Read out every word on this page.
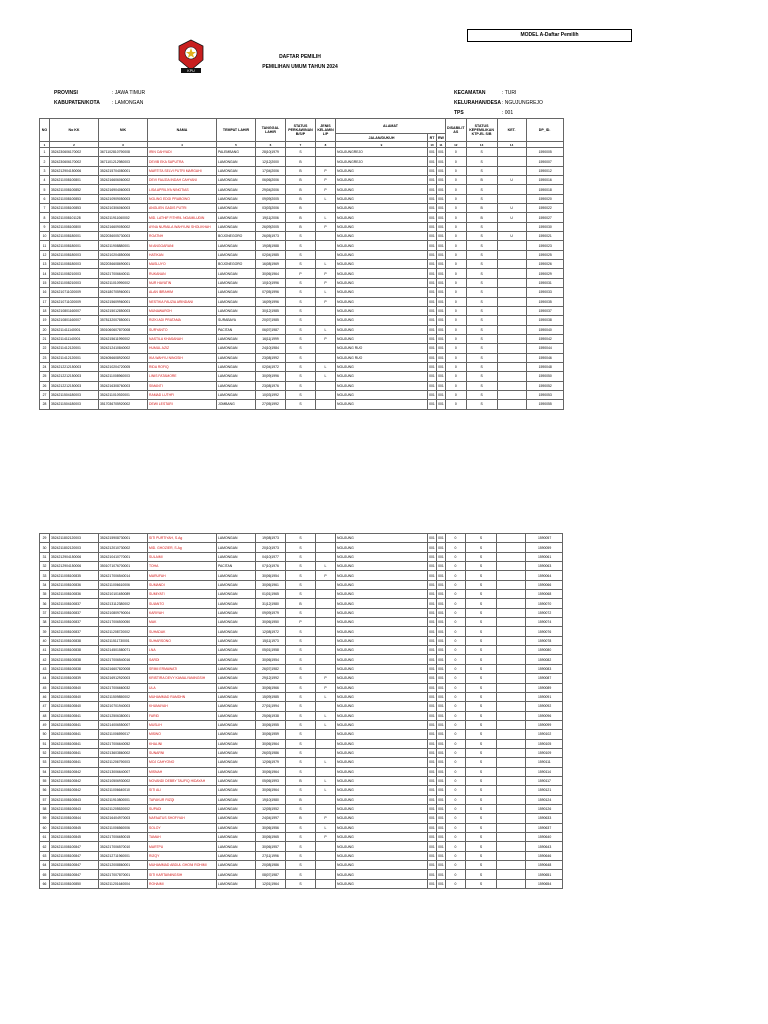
MODEL A-Daftar Pemilih
KPU
DAFTAR PEMILIH
PEMILIHAN UMUM TAHUN 2024
PROVINSI	: JAWA TIMUR
KABUPATEN/KOTA : LAMONGAN
KECAMATAN	: TURI
KELURAHAN/DESA: NGUJUNGREJO
TPS	: 001
NO	No KK	NIK	NAMA	TEMPAT LAHIR	TANGGAL LAHIR	STATUS PERKAWINAN B/S/P	JENIS KELAMIN L/P	ALAMAT			DISABILIT AS	STATUS KEPEMILIKAN KTP-EL S/B	KET.	DP_ID.
								JALAN/DUKUH	RT	RW				
1	2	3	4	5	6	7	8	9	10	11	12	13	14	
1	3524230606170002	3671102810790008	IRIN CAHYADI	PALEMBANG	28|10|1979	S		NGUJUNGREJO	001	001	0	S		1590005
2	3524230606170002	3671101212980003	DEVIB EKA SAPUTRA	LAMONGAN	12|12|2000	B		NGUJUNGREJO	001	001	0	S		1590007
3	3524212904150006	3524215704080001	MARTITA SELVI PUTRI MARGAHI	LAMONGAN	17|04|2006	B	P	NGUJUNG	001	001	0	S		1590012
4	3524211008100801	3524216606060002	DEVI FAUZIA INDAH CAHYANI	LAMONGAN	06|06|2006	B	P	NGUJUNG	001	001	0	B	U	1590016
5	3524211008100852	3524216904060003	LISA APRILIYA NINGTIAS	LAMONGAN	29|04|2006	B	P	NGUJUNG	001	001	0	S		1590018
6	3524211008100853	3524210909050003	NGLING EDGI PRABOWO	LAMONGAN	09|09|2005	B	L	NGUJUNG	001	001	0	S		1590020
7	3524211008100853	3524210306060003	ANGLIEN GADIS PUTRI	LAMONGAN	03|03|2006	B		NGUJUNG	001	001	0	B	U	1590022
8	3524211008101128	3524211911060002	MID. LATHIF FITHRIL NGAMILUDIN	LAMONGAN	19|11|2006	B	L	NGUJUNG	001	001	0	B	U	1590027
9	3524211008100800	3524216609050002	AYNA NURAILA WAHYUNI SHOLIKHAH	LAMONGAN	26|09|2005	B	P	NGUJUNG	001	001	0	S		1590030
10	3524211008180001	3522036005730003	ROATNH	BOJONEGORO	26|05|1973	S		NGUJUNG	001	001	0	S	U	1590021
11	3524211008180001	3524211908880001	NI ANGGARANI	LAMONGAN	19|08|1988	S		NGUJUNG	001	001	0	S		1590023
12	3524211008180003	3524210204850006	HATIKAN	LAMONGAN	02|04|1985	S		NGUJUNG	001	001	0	S		1590025
13	3524211008180003	3522036608690001	MASLUYO	BOJONEGORO	16|08|1969	S	L	NGUJUNG	001	001	0	S		1590026
14	3524211008210003	3524217006640011	RUKANAN	LAMONGAN	30|06|1964	P	P	NGUJUNG	001	001	0	S		1590029
15	3524211008210003	3524211010990002	NUR HAYATIN	LAMONGAN	10|10|1996	S	P	NGUJUNG	001	001	0	S		1590031
16	3524210711020009	3524180705960001	ALAN IBRAHIM	LAMONGAN	07|05|1996	S	L	NGUJUNG	001	001	0	S		1590033
17	3524210711020009	3524215609960001	NESTIKA FAUZIA ARINDANI	LAMONGAN	16|09|1996	S	P	NGUJUNG	001	001	0	S		1590035
18	3524210801160007	3524215012850003	MUNAWAROH	LAMONGAN	30|12|1985	S		NGUJUNG	001	001	0	S		1590037
19	3524210801160007	3578132007850001	RIZKI ADI PRATAMA	SURABAYA	20|07|1985	S		NGUJUNG	001	001	0	S		1590038
20	3524211411140001	3501060607870008	SURYANTO	PACITAN	06|07|1987	S	L	NGUJUNG	001	001	0	S		1590040
21	3524211411140001	3524215611990002	NASTILA KHASANAH	LAMONGAN	16|11|1999	S	P	NGUJUNG	001	001	0	S		1590042
22	3524211412120001	3524212410840002	HUMUL AZIZ	LAMONGAN	24|10|1984	S		NGUJUNG RUO	001	001	0	S		1590044
23	3524211412120001	3524056608920002	IKA WAHYU NINGSIH	LAMONGAN	23|08|1992	S		NGUJUNG RUO	001	001	0	S		1590046
24	3524212212150003	3524210204720005	RIDA ROFIQ	LAMONGAN	02|04|1972	S	L	NGUJUNG	001	001	0	S		1590048
25	3524212212150003	3524211008960003	LINIS FATAMORE	LAMONGAN	30|09|1996	S	L	NGUJUNG	001	001	0	S		1590050
26	3524212212150003	3524216308760003	SIMANTI	LAMONGAN	23|08|1976	S		NGUJUNG	001	001	0	S		1590052
27	3524211504180003	3524211010920001	RAMAD LUTHFI	LAMONGAN	10|03|1992	S		NGUJUNG	001	001	0	S		1590053
28	3524211504180003	3517036705920002	DEWI LESTARI	JOMBANG	27|05|1992	S		NGUJUNG	001	001	0	S		1590055
29	3524211802120003	3524215908730001	SITI PURTIYAH, S.Ag	LAMONGAN	19|08|1973	S		NGUJUNG	001	001	0	S		1590057
30	3524211802120003	3524212010730002	MID. GHOZIER, S.Ag	LAMONGAN	20|10|1973	S		NGUJUNG	001	001	0	S		1590059
31	3524212904150006	3524210410770001	SULAIMI	LAMONGAN	04|10|1977	S		NGUJUNG	001	001	0	S		1590061
32	3524212904150006	3501071076700001	TOHA	PACITAN	07|10|1976	S	L	NGUJUNG	001	001	0	S		1590063
33	3524211008100835	3524217006540014	MARUFAH	LAMONGAN	30|06|1954	S	P	NGUJUNG	001	001	0	S		1590064
34	3524211008100836	3524211006610006	SUMANDI	LAMONGAN	30|06|1961	S		NGUJUNG	001	001	0	S		1590066
35	3524211008100836	3524210101650089	SUMIYATI	LAMONGAN	01|01|1965	S		NGUJUNG	001	001	0	S		1590068
36	3524211008100837	3524213112380002	SUIANTO	LAMONGAN	31|12|1980	B		NGUJUNG	001	001	0	S		1590070
37	3524211008100837	3524210809790004	KARIYAH	LAMONGAN	09|09|1979	S		NGUJUNG	001	001	0	S		1590072
38	3524211008100837	3524217006500050	MAK	LAMONGAN	30|06|1950	P		NGUJUNG	001	001	0	S		1590074
39	3524211008100837	3524211208720002	SUHADAK	LAMONGAN	12|08|1972	S		NGUJUNG	001	001	0	S		1590076
40	3524211008100838	3524211511730001	SUHARSONO	LAMONGAN	15|11|1973	S		NGUJUNG	001	001	0	S		1590078
41	3524211008100838	3524214501580071	LNA	LAMONGAN	05|01|1958	S		NGUJUNG	001	001	0	S		1590080
42	3524211008100838	3524217006540016	SARDI	LAMONGAN	30|06|1954	S		NGUJUNG	001	001	0	S		1590082
43	3524211008100838	3524216607820008	SRIMI ERMAWATI	LAMONGAN	26|07|1982	S		NGUJUNG	001	001	0	S		1590083
44	3524211008100839	3524216912920003	KRISTIRA DEVY KAMALYANINGSIH	LAMONGAN	29|12|1992	S	P	NGUJUNG	001	001	0	S		1590087
45	3524211008100840	3524217006660032	ULA	LAMONGAN	30|06|1966	S	P	NGUJUNG	001	001	0	S		1590089
46	3524211008100840	3524211509850002	MUHAMMAD RAMDHN	LAMONGAN	15|09|1985	S	L	NGUJUNG	001	001	0	S		1590091
47	3524211008100840	3524210701940003	KHUMAYAH	LAMONGAN	27|01|1994	S		NGUJUNG	001	001	0	S		1590092
48	3524211008100841	3524212506380001	FARID	LAMONGAN	25|06|1938	S	L	NGUJUNG	001	001	0	S		1590096
49	3524211008100841	3524214006550007	MUSLIH	LAMONGAN	30|06|1955	S	L	NGUJUNG	001	001	0	S		1590099
50	3524211008100841	3524211006590017	MISWO	LAMONGAN	30|06|1959	S		NGUJUNG	001	001	0	S		1590102
51	3524211008100841	3524217006640052	KHALINI	LAMONGAN	30|06|1964	S		NGUJUNG	001	001	0	S		1590105
52	3524211008100841	3524213603860002	SUNARNI	LAMONGAN	26|03|1986	S		NGUJUNG	001	001	0	S		1590109
53	3524211008100841	3524211206790003	MOJ CAHYONO	LAMONGAN	12|06|1979	S	L	NGUJUNG	001	001	0	S		1590111
54	3524211008100842	3524213006640007	MISNAH	LAMONGAN	30|06|1964	S		NGUJUNG	001	001	0	S		1590114
55	3524211008100842	3524210506930002	NOVANDI DEBBY TAUFIQ HIDAYAH	LAMONGAN	05|06|1993	B	L	NGUJUNG	001	001	0	S		1590117
56	3524211008100842	3524211006640010	SITI ALI	LAMONGAN	30|06|1964	S	L	NGUJUNG	001	001	0	S		1590121
57	3524211008100843	3524211910800001	TAFAKUR RIZQI	LAMONGAN	19|10|1980	B		NGUJUNG	001	001	0	S		1590124
58	3524211008100843	3524211205520002	SUPADI	LAMONGAN	12|05|1952	S		NGUJUNG	001	001	0	S		1590126
59	3524211008100844	3524216404970003	NAFAATUS SHOFIYAH	LAMONGAN	24|04|1997	B	P	NGUJUNG	001	001	0	S		1590633
60	3524211008100845	3524211006560006	SOLOY	LAMONGAN	30|06|1956	S	L	NGUJUNG	001	001	0	S		1590637
61	3524211008100845	3524217006650015	TAMAH	LAMONGAN	30|06|1965	S	P	NGUJUNG	001	001	0	S		1590640
62	3524211008100847	3524217006570010	MARTPU	LAMONGAN	30|06|1957	S		NGUJUNG	001	001	0	S		1590643
63	3524211008100847	3524212711960001	RIZQY	LAMONGAN	27|11|1996	S		NGUJUNG	001	001	0	S		1590646
64	3524211008100847	3524212008860001	MUHAMMAD ABDUL GHONI ROHIMI	LAMONGAN	20|08|1986	S		NGUJUNG	001	001	0	S		1590648
65	3524211008100847	3524217007870001	SITI KARTAININGSIH	LAMONGAN	08|07|1987	S		NGUJUNG	001	001	0	S		1590651
66	3524211008100850	3524211201640004	ROHAIMI	LAMONGAN	12|01|1964	S		NGUJUNG	001	001	0	S		1590654
